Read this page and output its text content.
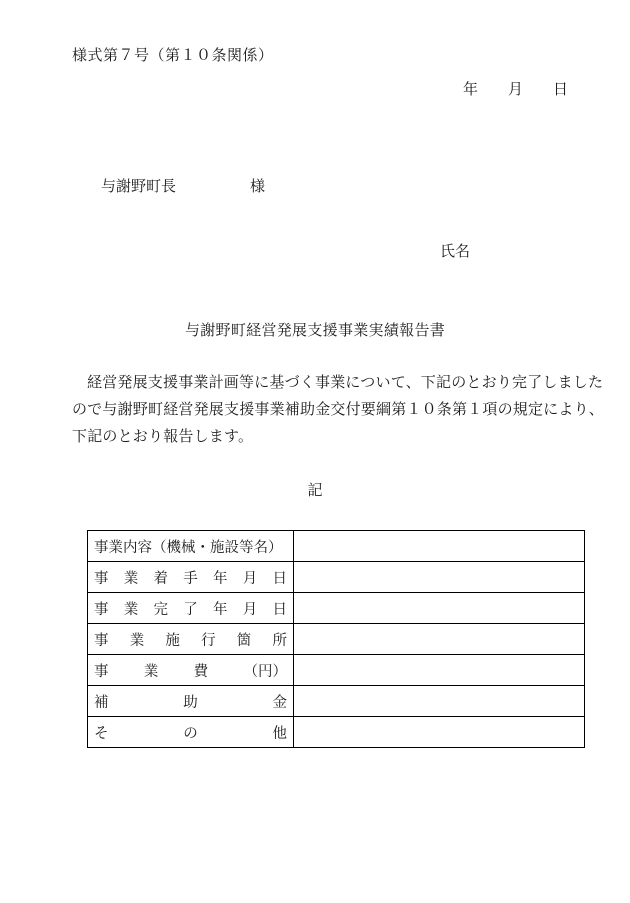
様式第７号（第１０条関係）
年　　月　　日

与謝野町長	様

氏名
与謝野町経営発展支援事業実績報告書
経営発展支援事業計画等に基づく事業について、下記のとおり完了しました
ので与謝野町経営発展支援事業補助金交付要綱第１０条第１項の規定により、
下記のとおり報告します。
記
事業内容（機械・施設等名）	

事 業 着 手 年 月 日

事 業 完 了 年 月 日

事 業 施 行 箇 所

事 業 費 （円）	

補 助 金	

そ の 他	
